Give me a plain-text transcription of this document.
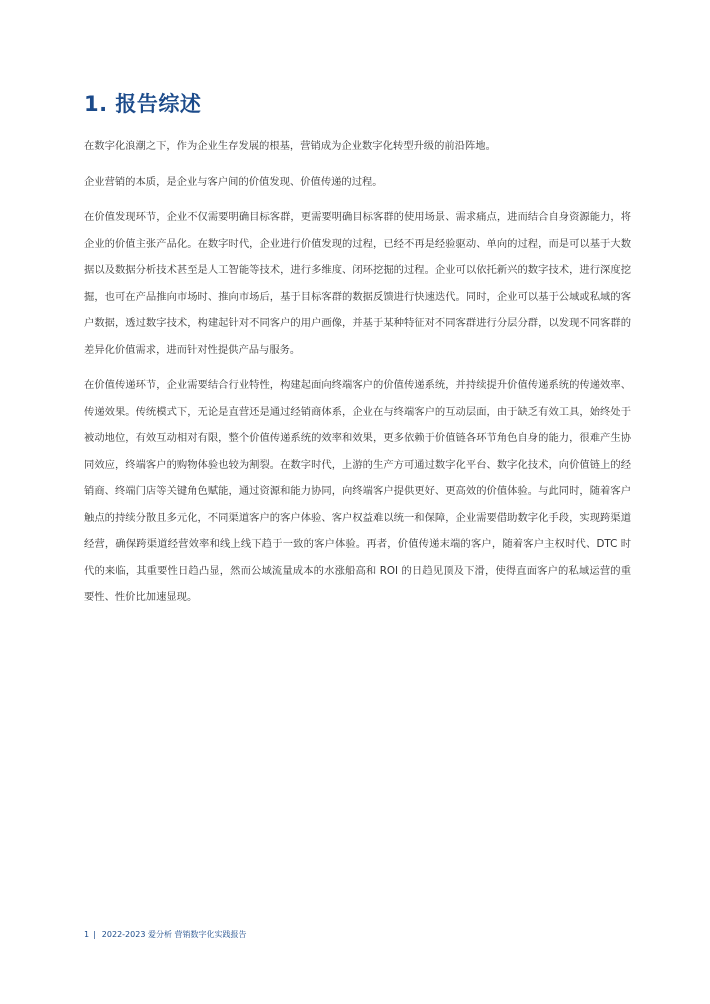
1. 报告综述

在数字化浪潮之下，作为企业生存发展的根基，营销成为企业数字化转型升级的前沿阵地。

企业营销的本质，是企业与客户间的价值发现、价值传递的过程。

在价值发现环节，企业不仅需要明确目标客群，更需要明确目标客群的使用场景、需求痛点，进而结合自身资源能力，将企业的价值主张产品化。在数字时代，企业进行价值发现的过程，已经不再是经验驱动、单向的过程，而是可以基于大数据以及数据分析技术甚至是人工智能等技术，进行多维度、闭环挖掘的过程。企业可以依托新兴的数字技术，进行深度挖掘，也可在产品推向市场时、推向市场后，基于目标客群的数据反馈进行快速迭代。同时，企业可以基于公域或私域的客户数据，透过数字技术，构建起针对不同客户的用户画像，并基于某种特征对不同客群进行分层分群，以发现不同客群的差异化价值需求，进而针对性提供产品与服务。

在价值传递环节，企业需要结合行业特性，构建起面向终端客户的价值传递系统，并持续提升价值传递系统的传递效率、传递效果。传统模式下，无论是直营还是通过经销商体系，企业在与终端客户的互动层面，由于缺乏有效工具，始终处于被动地位，有效互动相对有限，整个价值传递系统的效率和效果，更多依赖于价值链各环节角色自身的能力，很难产生协同效应，终端客户的购物体验也较为割裂。在数字时代，上游的生产方可通过数字化平台、数字化技术，向价值链上的经销商、终端门店等关键角色赋能，通过资源和能力协同，向终端客户提供更好、更高效的价值体验。与此同时，随着客户触点的持续分散且多元化，不同渠道客户的客户体验、客户权益难以统一和保障，企业需要借助数字化手段，实现跨渠道经营，确保跨渠道经营效率和线上线下趋于一致的客户体验。再者，价值传递末端的客户，随着客户主权时代、DTC 时代的来临，其重要性日趋凸显，然而公域流量成本的水涨船高和 ROI 的日趋见顶及下滑，使得直面客户的私域运营的重要性、性价比加速显现。

1 | 2022-2023 爱分析 营销数字化实践报告
